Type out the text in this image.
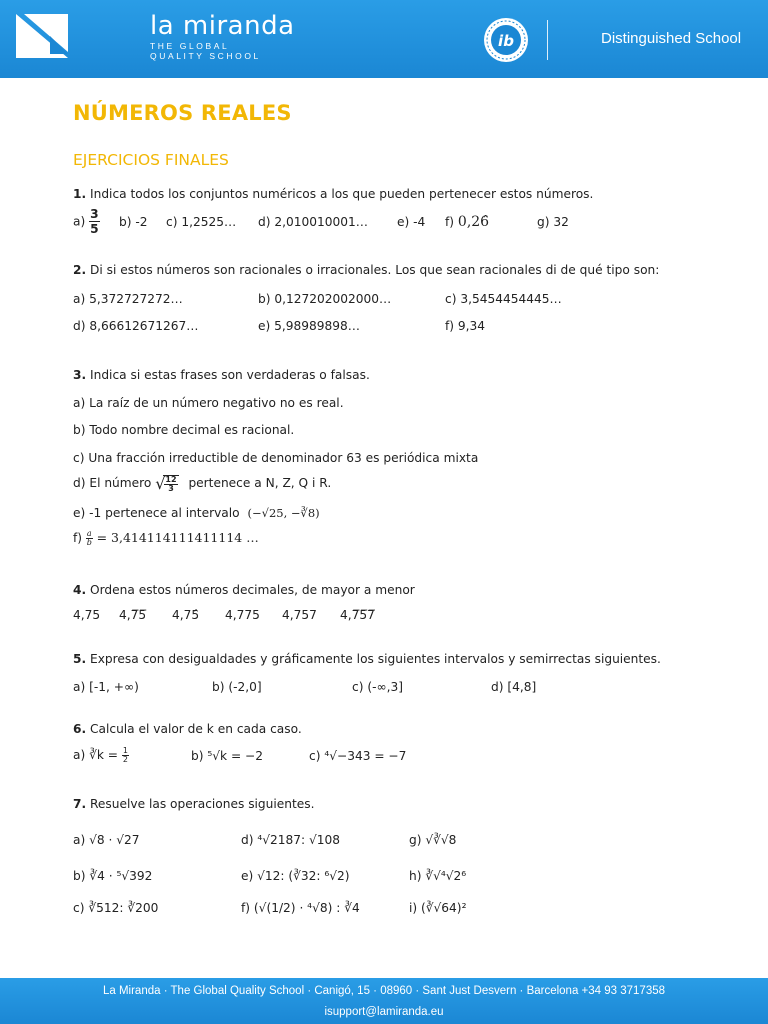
la miranda
THE GLOBAL
QUALITY SCHOOL
ib	Distinguished School
NÚMEROS REALES
EJERCICIOS FINALES
1. Indica todos los conjuntos numéricos a los que pueden pertenecer estos números.
$a) \frac{3}{5} b$) -2 c) 1,2525… d) 2,010010001… e) -4 f) 0,26̂	g) 32
2. Di si estos números son racionales o irracionales. Los que sean racionales di de qué tipo son:
a) 5,372727272…	b) 0,127202002000…	c) 3,5454454445…
d) 8,66612671267…	e) 5,98989898…	f) 9,34
3. Indica si estas frases son verdaderas o falsas.
a) La raíz de un número negativo no es real.
b) Todo nombre decimal es racional.
c) Una fracción irreductible de denominador 63 es periódica mixta
d) El número √
$\frac{12}{3}$ pertenece a N, Z, Q i R.
e) -1 pertenece al intervalo (−√25, −∛8)
$f) \frac{a}{b} = 3,414114111411114$ …
4. Ordena estos números decimales, de mayor a menor
4,75 4,7̅5̅ 4,75̂ 4,775 4,757 4,7̅5̅7̅
5. Expresa con desigualdades y gráficamente los siguientes intervalos y semirrectas siguientes.
a) [-1, +∞)	b) (-2,0]	c) (-∞,3]	d) [4,8]
6. Calcula el valor de k en cada caso.
a) ∛k = $\frac{1}{2}$	b) ⁵√k = −2	c) ⁴√−343 = −7
7. Resuelve las operaciones siguientes.
a) √8 · √27	d) ⁴√2187: √108	g) √∛√8
b) ∛4 · ⁵√392	e) √12: (∛32: ⁶√2)	h) ∛√⁴√2⁶
c) ∛512: ∛200	f) (√(1/2) · ⁴√8) : ∛4	i) (∛√64)²
La Miranda · The Global Quality School · Canigó, 15 · 08960 · Sant Just Desvern · Barcelona +34 93 3717358
isupport@lamiranda.eu
